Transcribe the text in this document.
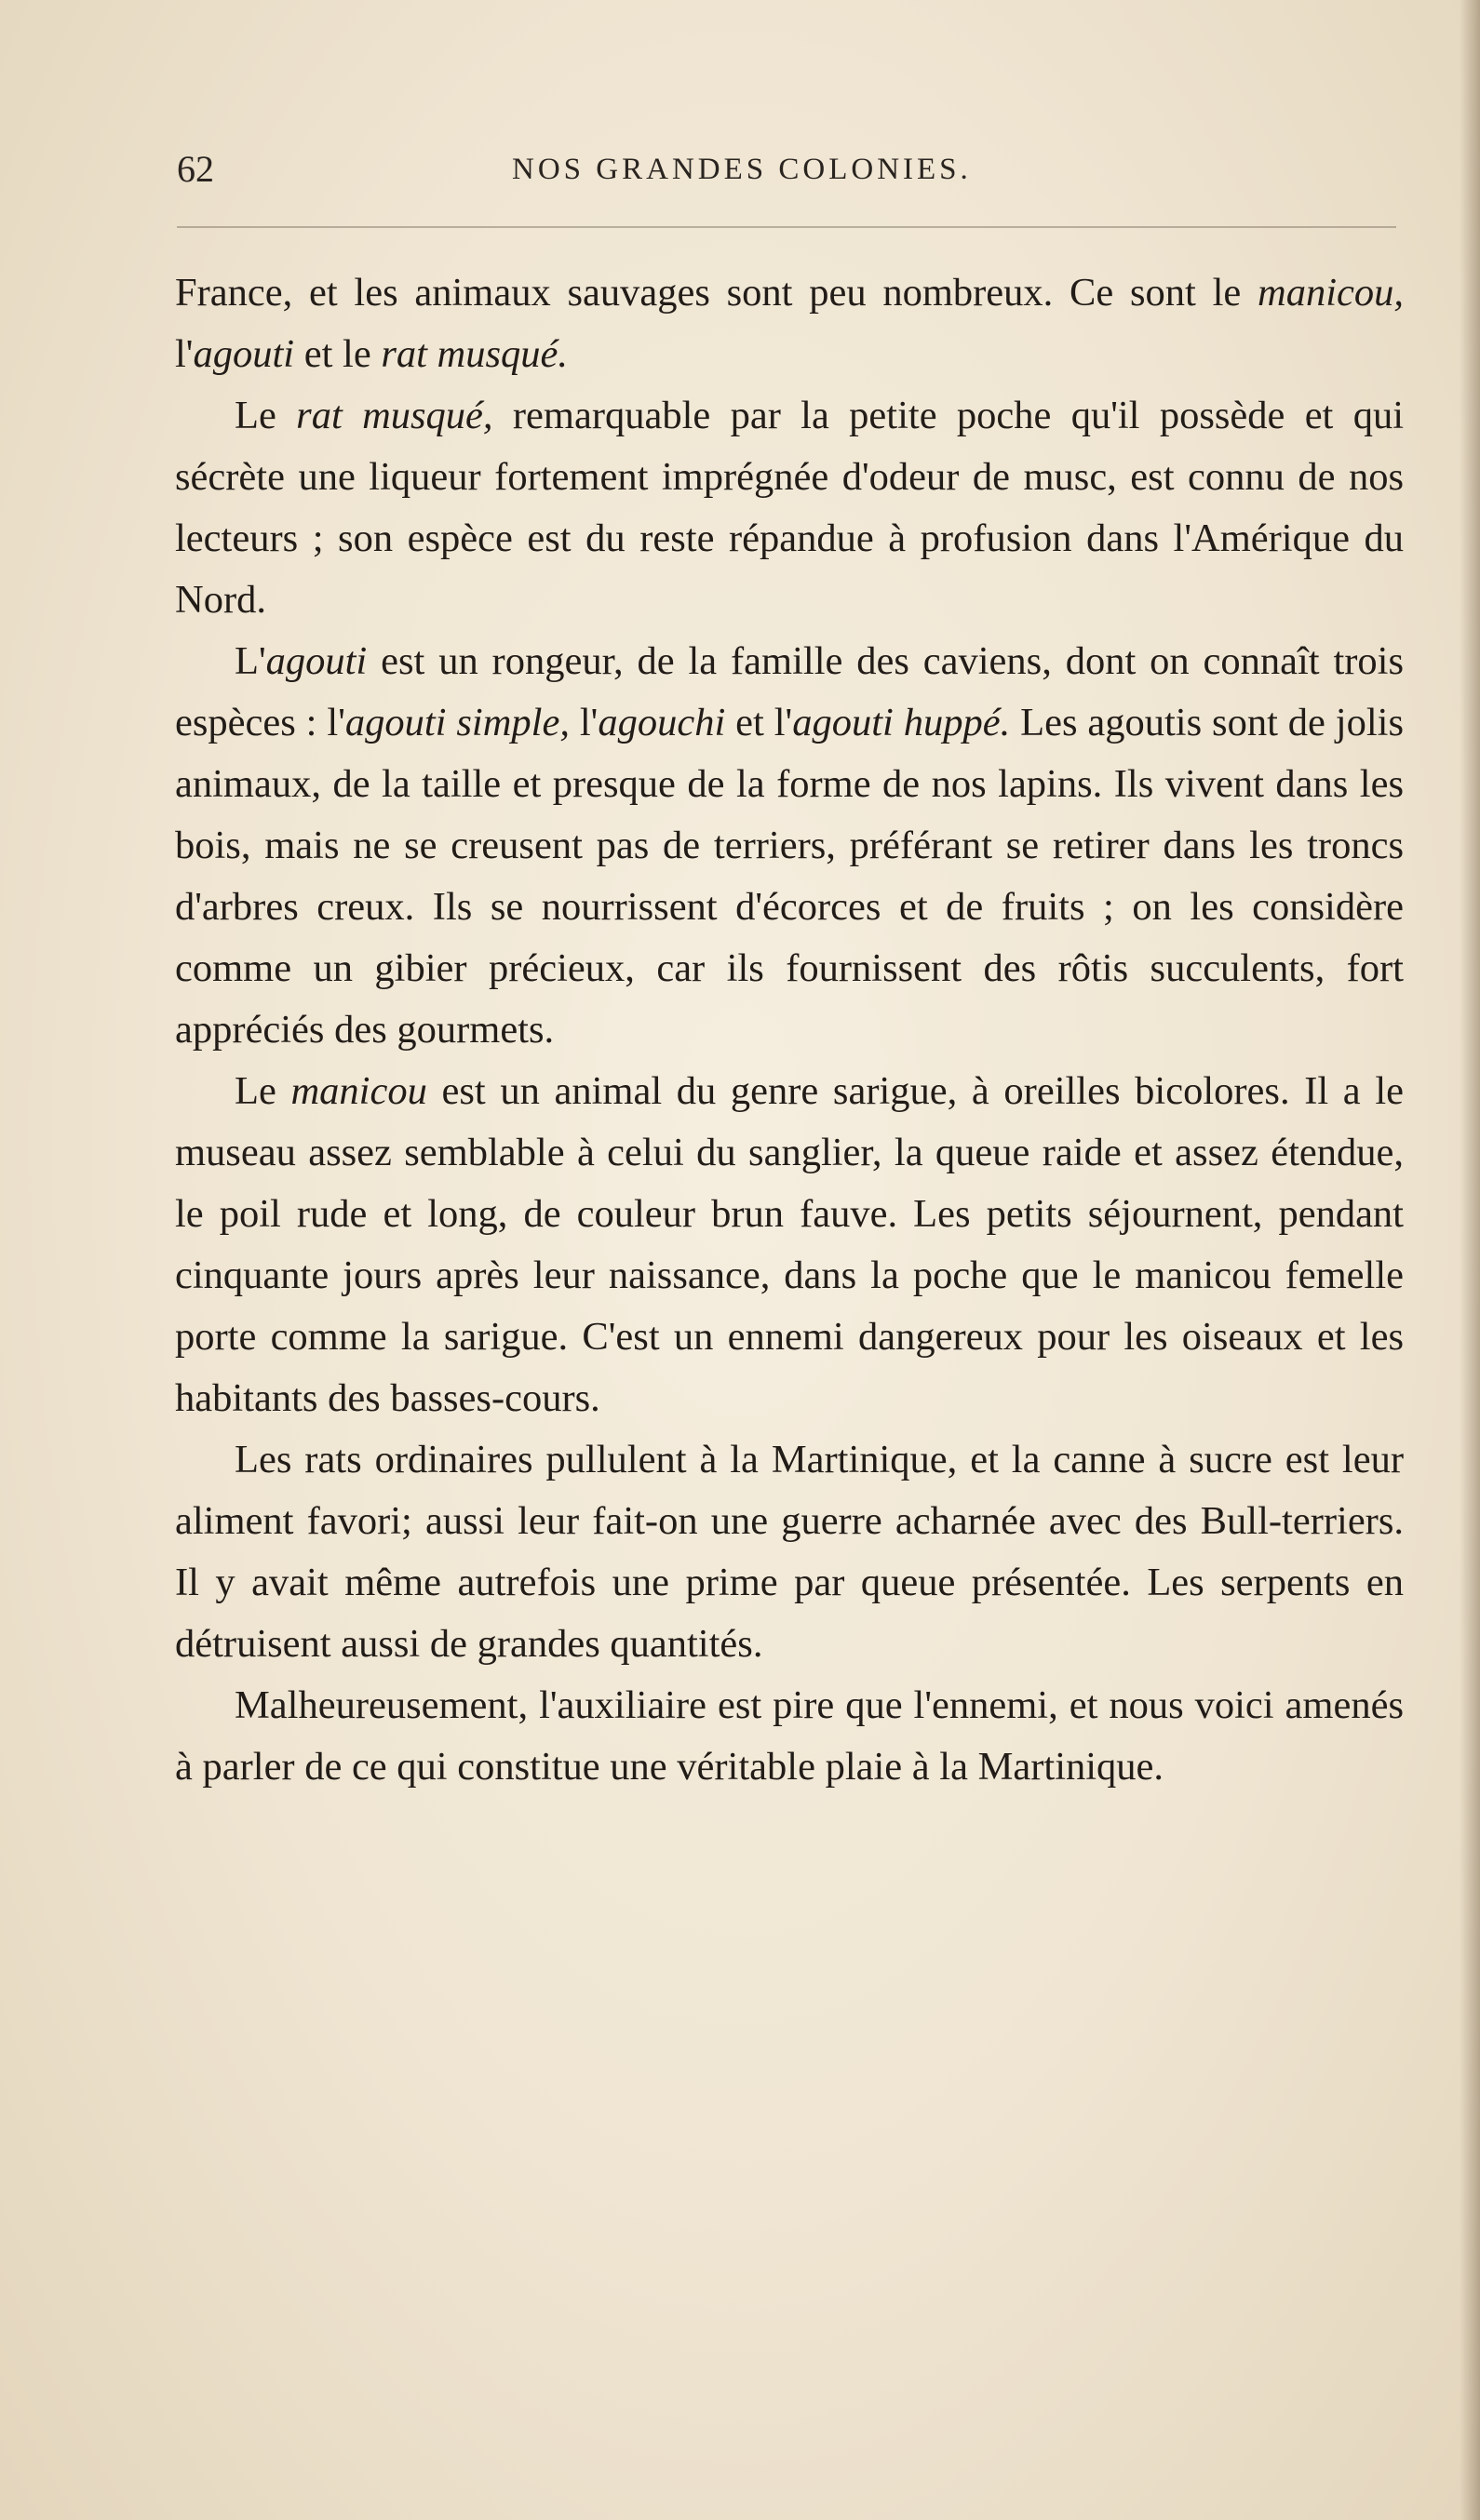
62	NOS GRANDES COLONIES.

France, et les animaux sauvages sont peu nombreux. Ce sont le manicou, l'agouti et le rat musqué.

Le rat musqué, remarquable par la petite poche qu'il possède et qui sécrète une liqueur fortement imprégnée d'odeur de musc, est connu de nos lecteurs ; son espèce est du reste répandue à profusion dans l'Amérique du Nord.

L'agouti est un rongeur, de la famille des caviens, dont on connaît trois espèces : l'agouti simple, l'agouchi et l'agouti huppé. Les agoutis sont de jolis animaux, de la taille et presque de la forme de nos lapins. Ils vivent dans les bois, mais ne se creusent pas de terriers, préférant se retirer dans les troncs d'arbres creux. Ils se nourrissent d'écorces et de fruits ; on les considère comme un gibier précieux, car ils fournissent des rôtis succulents, fort appréciés des gourmets.

Le manicou est un animal du genre sarigue, à oreilles bicolores. Il a le museau assez semblable à celui du sanglier, la queue raide et assez étendue, le poil rude et long, de couleur brun fauve. Les petits séjournent, pendant cinquante jours après leur naissance, dans la poche que le manicou femelle porte comme la sarigue. C'est un ennemi dangereux pour les oiseaux et les habitants des basses-cours.

Les rats ordinaires pullulent à la Martinique, et la canne à sucre est leur aliment favori; aussi leur fait-on une guerre acharnée avec des Bull-terriers. Il y avait même autrefois une prime par queue présentée. Les serpents en détruisent aussi de grandes quantités.

Malheureusement, l'auxiliaire est pire que l'ennemi, et nous voici amenés à parler de ce qui constitue une véritable plaie à la Martinique.
